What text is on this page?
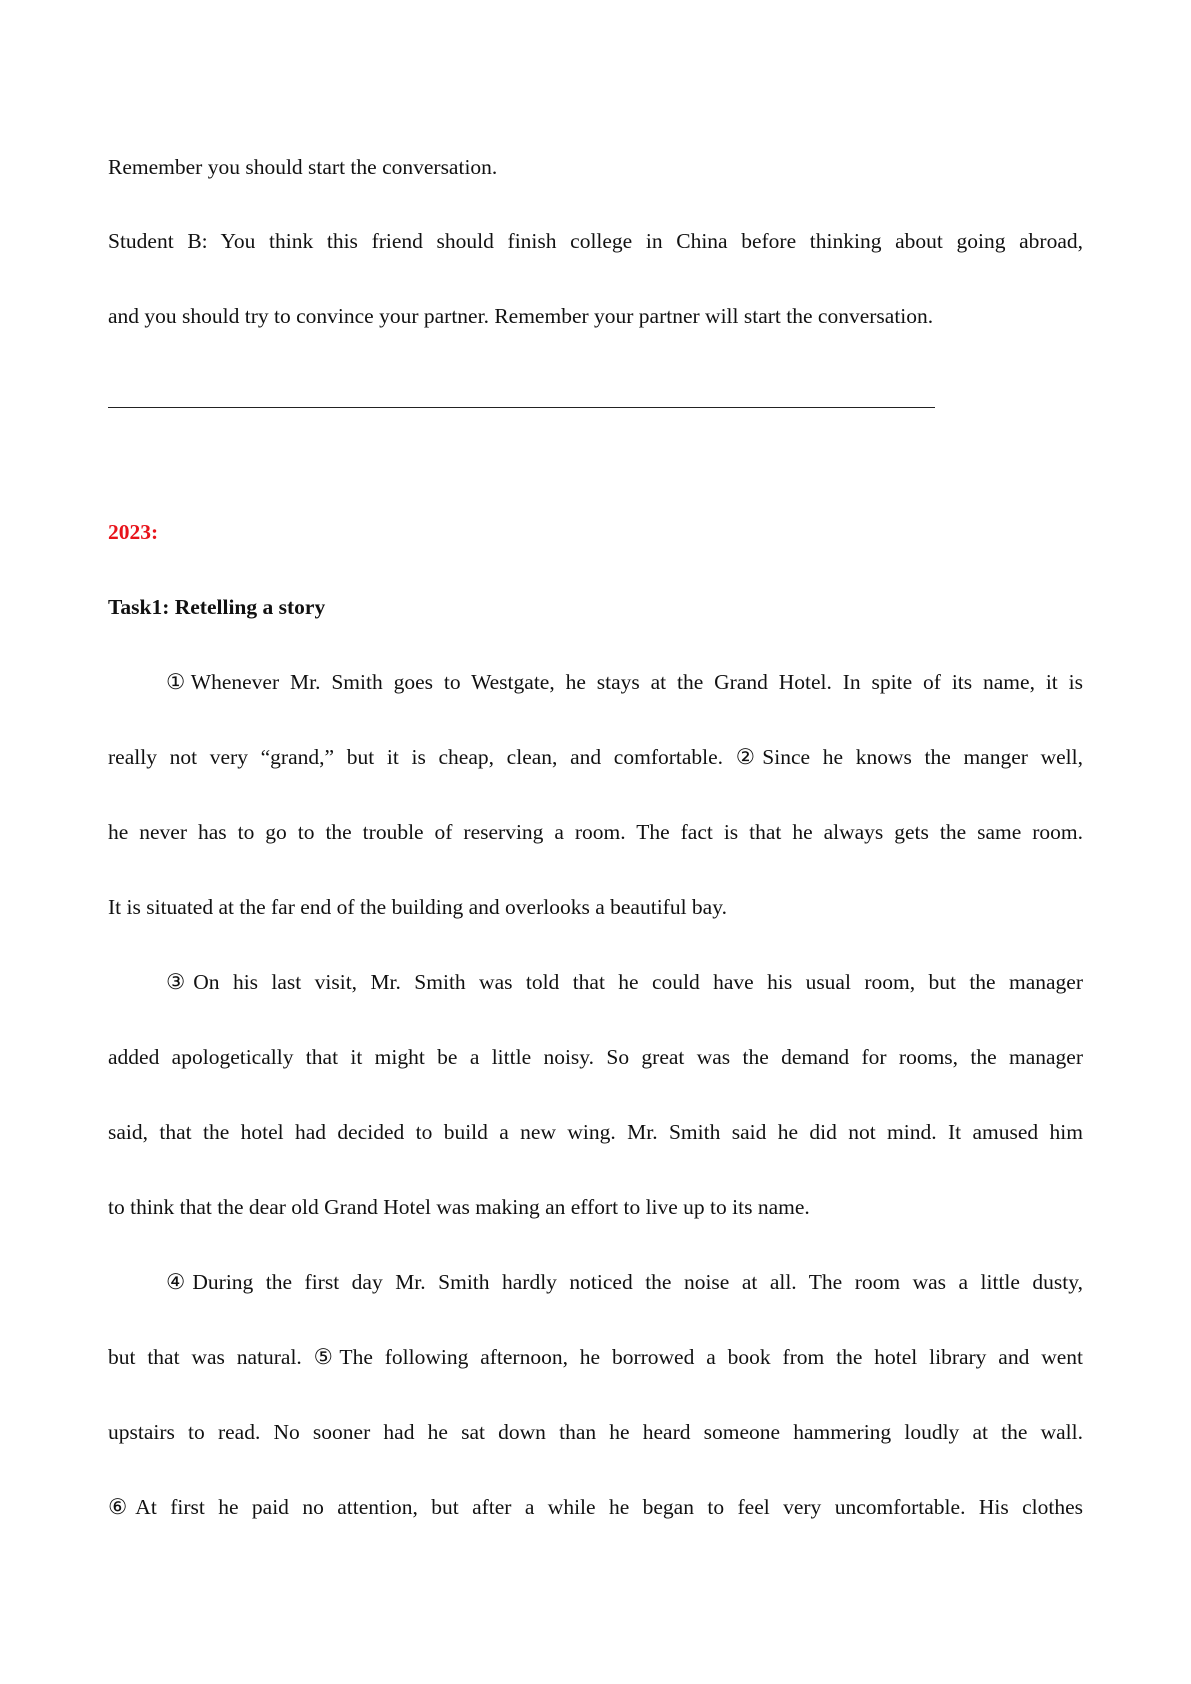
Remember you should start the conversation.
Student B: You think this friend should finish college in China before thinking about going abroad,
and you should try to convince your partner. Remember your partner will start the conversation.
2023:
Task1: Retelling a story
①Whenever Mr. Smith goes to Westgate, he stays at the Grand Hotel. In spite of its name, it is
really not very “grand,” but it is cheap, clean, and comfortable. ②Since he knows the manger well,
he never has to go to the trouble of reserving a room. The fact is that he always gets the same room.
It is situated at the far end of the building and overlooks a beautiful bay.
③On his last visit, Mr. Smith was told that he could have his usual room, but the manager
added apologetically that it might be a little noisy. So great was the demand for rooms, the manager
said, that the hotel had decided to build a new wing. Mr. Smith said he did not mind. It amused him
to think that the dear old Grand Hotel was making an effort to live up to its name.
④During the first day Mr. Smith hardly noticed the noise at all. The room was a little dusty,
but that was natural. ⑤The following afternoon, he borrowed a book from the hotel library and went
upstairs to read. No sooner had he sat down than he heard someone hammering loudly at the wall.
⑥At first he paid no attention, but after a while he began to feel very uncomfortable. His clothes
